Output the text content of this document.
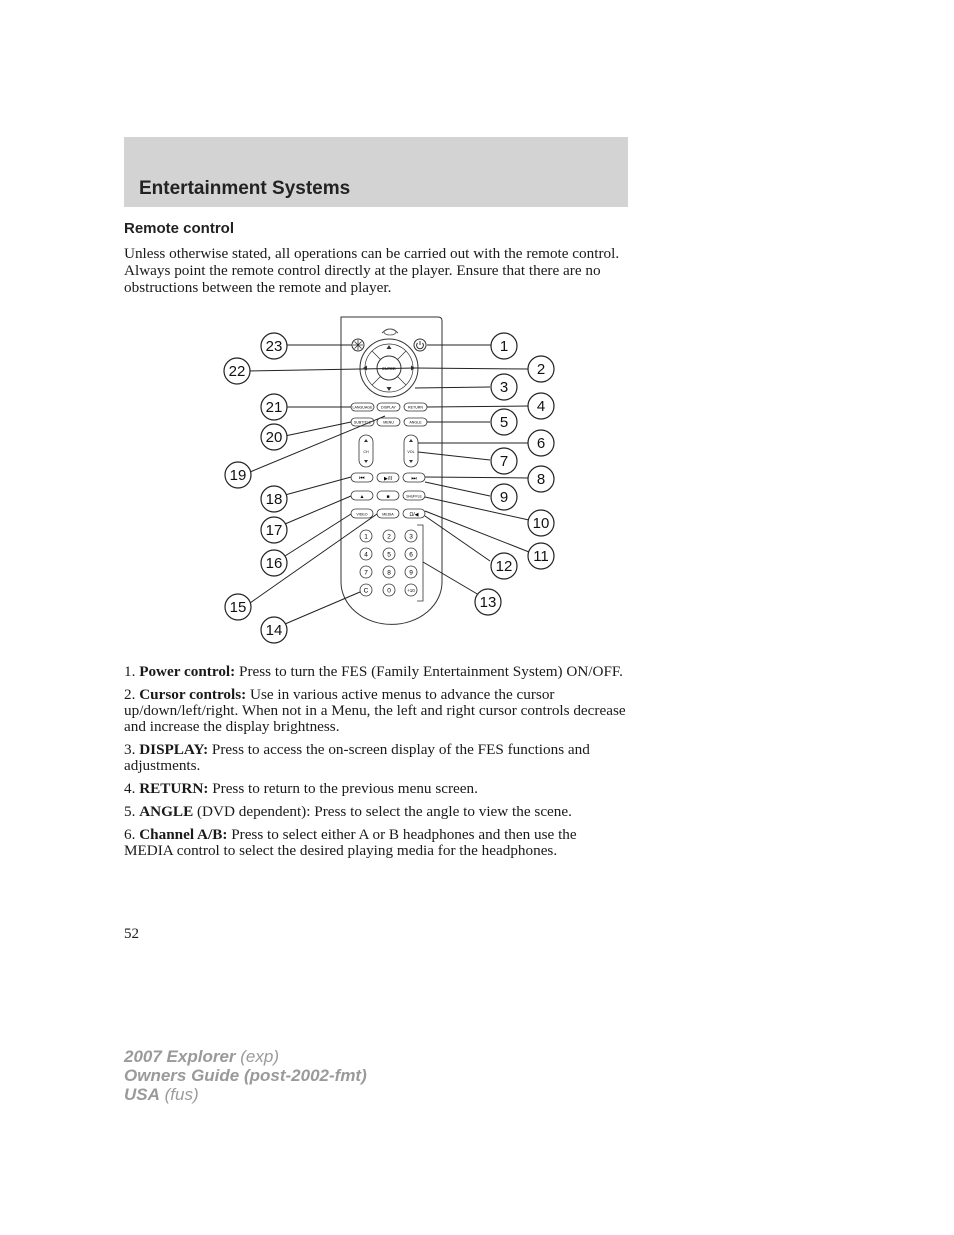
Entertainment Systems
Remote control

Unless otherwise stated, all operations can be carried out with the remote control. Always point the remote control directly at the player. Ensure that there are no obstructions between the remote and player.

ENTER
LANGUAGE DISPLAY	RETURN
SUBTITLE	MENU	ANGLE
CH	VOL
⏮	▶/II	⏭
▲	■	SHUFFLE
VIDEO	MEDIA	Ω/◀
1	2	3
4	5	6
7	8	9
C	0	+10
1
2
3
4
5
6
7
8
9
10
11
12
13
14
15
16
17
18
19
20
21
22
23
1. Power control: Press to turn the FES (Family Entertainment System) ON/OFF.
2. Cursor controls: Use in various active menus to advance the cursor up/down/left/right. When not in a Menu, the left and right cursor controls decrease and increase the display brightness.
3. DISPLAY: Press to access the on-screen display of the FES functions and adjustments.
4. RETURN: Press to return to the previous menu screen.
5. ANGLE (DVD dependent): Press to select the angle to view the scene.
6. Channel A/B: Press to select either A or B headphones and then use the MEDIA control to select the desired playing media for the headphones.

52

2007 Explorer (exp)
Owners Guide (post-2002-fmt)
USA (fus)
